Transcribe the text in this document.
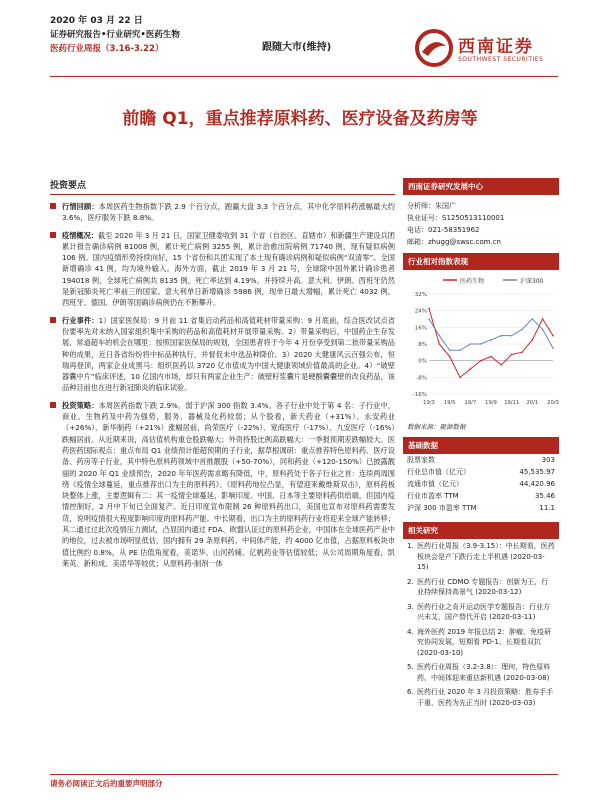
2020 年 03 月 22 日
证券研究报告•行业研究•医药生物
医药行业周报（3.16-3.22）	跟随大市(维持)	西南证券
SOUTHWEST SECURITIES
前瞻 Q1，重点推荐原料药、医疗设备及药房等
投资要点
行情回顾：本周医药生物指数下跌 2.9 个百分点，跑赢大盘 3.3 个百分点，其中化学原料药涨幅最大约 3.6%，医疗服务下跌 8.8%。
疫情概况：截至 2020 年 3 月 21 日，国家卫健委收到 31 个省（自治区、直辖市）和新疆生产建设兵团累计报告确诊病例 81008 例，累计死亡病例 3255 例，累计治愈出院病例 71740 例，现有疑似病例 106 例。国内疫情形势持续向好，15 个省份和兵团实现了本土现有确诊病例和疑似病例“双清零”。全国新增确诊 41 例，均为境外输入。海外方面，截止 2019 年 3 月 21 号，全球除中国外累计确诊患者 194018 例，全球死亡病例共 8135 例，死亡率达到 4.19%，并持续升高。意大利、伊朗、西班牙仍然是新冠肺炎死亡率前三的国家。意大利单日新增确诊 5986 例，现单日最大增幅，累计死亡 4032 例。西班牙、德国、伊朗等国确诊病例仍在不断攀升。
行业事件：1）国家医保局：9 月前 11 省集启动药品和高值耗材带量采购：9 月底前，综合医改试点省份要率先对未纳入国家组织集中采购的药品和高值耗材开展带量采购。2）带量采购后，中国药企生存发展、常道超车的机会在哪里：按照国家医保局的规划，全国患者将于今年 4 月份享受到第二批带量采购品种的成果，近日各省纷纷将中标品种执行，并督促未中选品种降价。3）2020 大健康风云百强公布，恒瑞再登顶，两家企业成黑马：组织医药以 3720 亿市值成为中国大健康领域价值最高的企业。4）“破壁器囊中片”临床评述，10 亿国内市场，却只有两家企业生产：破壁籽浆囊片是硬酸囊囊壁的改良药品，该品种目前也在进行新冠肺炎的临床试验。
投资策略：本周医药指数下跌 2.9%，弱于沪深 300 指数 3.4%。各子行业中处于第 4 名：子行业中，商业、生物药及中药为强势，服务、器械及化药较弱；从个股看，新天药业（+31%）、永安药业（+26%）、新华制药（+21%）涨幅居前，尚荣医疗（-22%）、宽海医疗（-17%）、九安医疗（-16%）跌幅居前。从近期来说，高估值机构重仓股跌幅大；外资持股比例高跌幅大：一季报预期差跌幅较大。医药医药国际观点：重点布局 Q1 业绩预计能超预期的子行业，据草根调研：重点推荐特色原料药、医疗设备、药房等子行业，其中特色原料药领域中首推靓股（+50-70%），同和药业（+120-150%）已披露靓丽的 2020 年 Q1 业绩预告，2020 年年医药需求略有降低，中，原料药处于各子行业之首：连续两周围绕《疫情全球蔓延，重点推荐出口为主的原料药》、《原料药地位凸显，有望迎来戴维斯双击》，原料药板块整体上涨，主要逻辑有二：其一疫情全球蔓延，影响印度、中国、日本等主要原料药供给端，但国内疫情控制好，2 月中下旬已全面复产。近日印度宣布限制 26 种原料药出口，美国也宣布对原料药需要发货，说明疫情很大程度影响印度的原料药产能。中长期看，出口为主的原料药行业将迎来全球产能转移；其二通过过此次疫情压力测试，凸显国内通过 FDA、欧盟认证过的原料药企业，中国体在全球医药产业中的地位，过去被市场明显低估，国内拥有 29 条原料药、中间体产能，约 4000 亿市值，占据原料板块市值比例约 0.8%，从 PE 估值角度看，美诺华、山河药辅、亿帆药业等估值较低；从公司周期角度看，凯莱英、新和成、美诺华等较优；从原料药-制剂一体
西南证券研究发展中心
分析师：朱国广
执业证号：S1250513110001
电话：021-58351962
邮箱：zhugg@swsc.com.cn
行业相对指数表现
医药生物	沪深300
32%
24%
16%
8%
0%
-8%
-16%
19/3 19/5 19/7 19/9 19/11 20/1 20/3
数据来源：聚源数据
基础数据
股票家数	303
行业总市值（亿元）	45,535.97
流通市值（亿元）	44,420.96
行业市盈率 TTM	35.46
沪深 300 市盈率 TTM	11.1
相关研究
1. 医药行业周报（3.9-3.15）：中长期看，医药板块会是产下跌行走上半机遇 (2020-03-15)
2. 医药行业 CDMO 专题报告：创新为王，行业持续保持高景气 (2020-03-12)
3. 医药行业之肯开运动医学专题报告：行业方兴未艾，国产替代开启 (2020-03-11)
4. 海外医药 2019 年报总结 2：肿瘤、免疫研究协同发展，短期看 PD-1、长期看双抗 (2020-03-10)
5. 医药行业周报（3.2-3.8）：理何，特色原料药、中间体迎来重估新机遇 (2020-03-08)
6. 医药行业 2020 年 3 月投资策略：胜券手手干重，医药为先正当时 (2020-03-03)
请务必阅读正文后的重要声明部分
